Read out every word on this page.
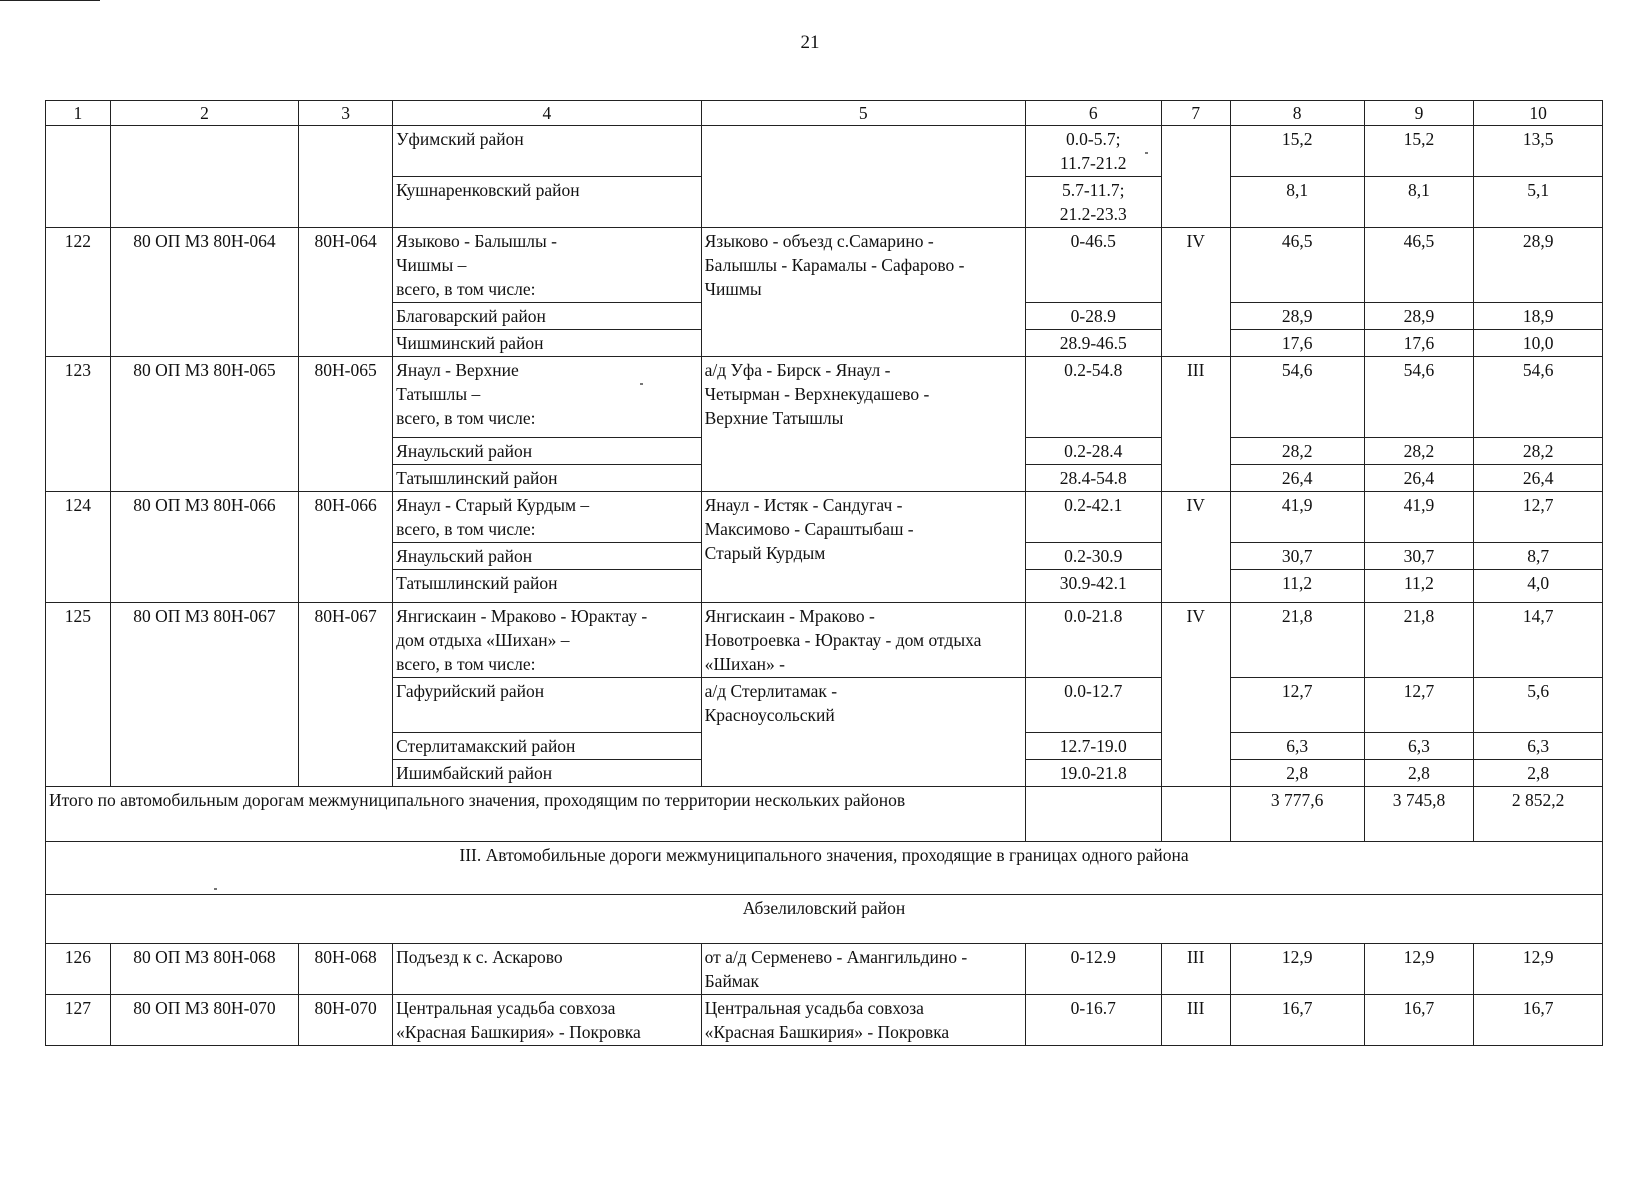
21
1	2	3	4	5	6	7	8	9	10
			Уфимский район		0.0-5.7;
11.7-21.2		15,2	15,2	13,5
			Кушнаренковский район		5.7-11.7;
21.2-23.3		8,1	8,1	5,1
122	80 ОП МЗ 80Н-064	80Н-064	Языково - Балышлы -
Чишмы –
всего, в том числе:	Языково - объезд с.Самарино -
Балышлы - Карамалы - Сафарово -
Чишмы	0-46.5	IV	46,5	46,5	28,9
			Благоварский район		0-28.9		28,9	28,9	18,9
			Чишминский район		28.9-46.5		17,6	17,6	10,0
123	80 ОП МЗ 80Н-065	80Н-065	Янаул - Верхние
Татышлы –
всего, в том числе:	а/д Уфа - Бирск - Янаул -
Четырман - Верхнекудашево -
Верхние Татышлы	0.2-54.8	III	54,6	54,6	54,6
			Янаульский район		0.2-28.4		28,2	28,2	28,2
			Татышлинский район		28.4-54.8		26,4	26,4	26,4
124	80 ОП МЗ 80Н-066	80Н-066	Янаул - Старый Курдым –
всего, в том числе:	Янаул - Истяк - Сандугач -
Максимово - Сараштыбаш -
Старый Курдым	0.2-42.1	IV	41,9	41,9	12,7
			Янаульский район		0.2-30.9		30,7	30,7	8,7
			Татышлинский район		30.9-42.1		11,2	11,2	4,0
125	80 ОП МЗ 80Н-067	80Н-067	Янгискаин - Мраково - Юрактау -
дом отдыха «Шихан» –
всего, в том числе:	Янгискаин - Мраково -
Новотроевка - Юрактау - дом отдыха
«Шихан» -	0.0-21.8	IV	21,8	21,8	14,7
			Гафурийский район	а/д Стерлитамак -
Красноусольский	0.0-12.7		12,7	12,7	5,6
			Стерлитамакский район		12.7-19.0		6,3	6,3	6,3
			Ишимбайский район		19.0-21.8		2,8	2,8	2,8
Итого по автомобильным дорогам межмуниципального значения, проходящим по территории нескольких районов							3 777,6	3 745,8	2 852,2
III. Автомобильные дороги межмуниципального значения, проходящие в границах одного района									
Абзелиловский район									
126	80 ОП МЗ 80Н-068	80Н-068	Подъезд к с. Аскарово	от а/д Серменево - Амангильдино -
Баймак	0-12.9	III	12,9	12,9	12,9
127	80 ОП МЗ 80Н-070	80Н-070	Центральная усадьба совхоза
«Красная Башкирия» - Покровка	Центральная усадьба совхоза
«Красная Башкирия» - Покровка	0-16.7	III	16,7	16,7	16,7
